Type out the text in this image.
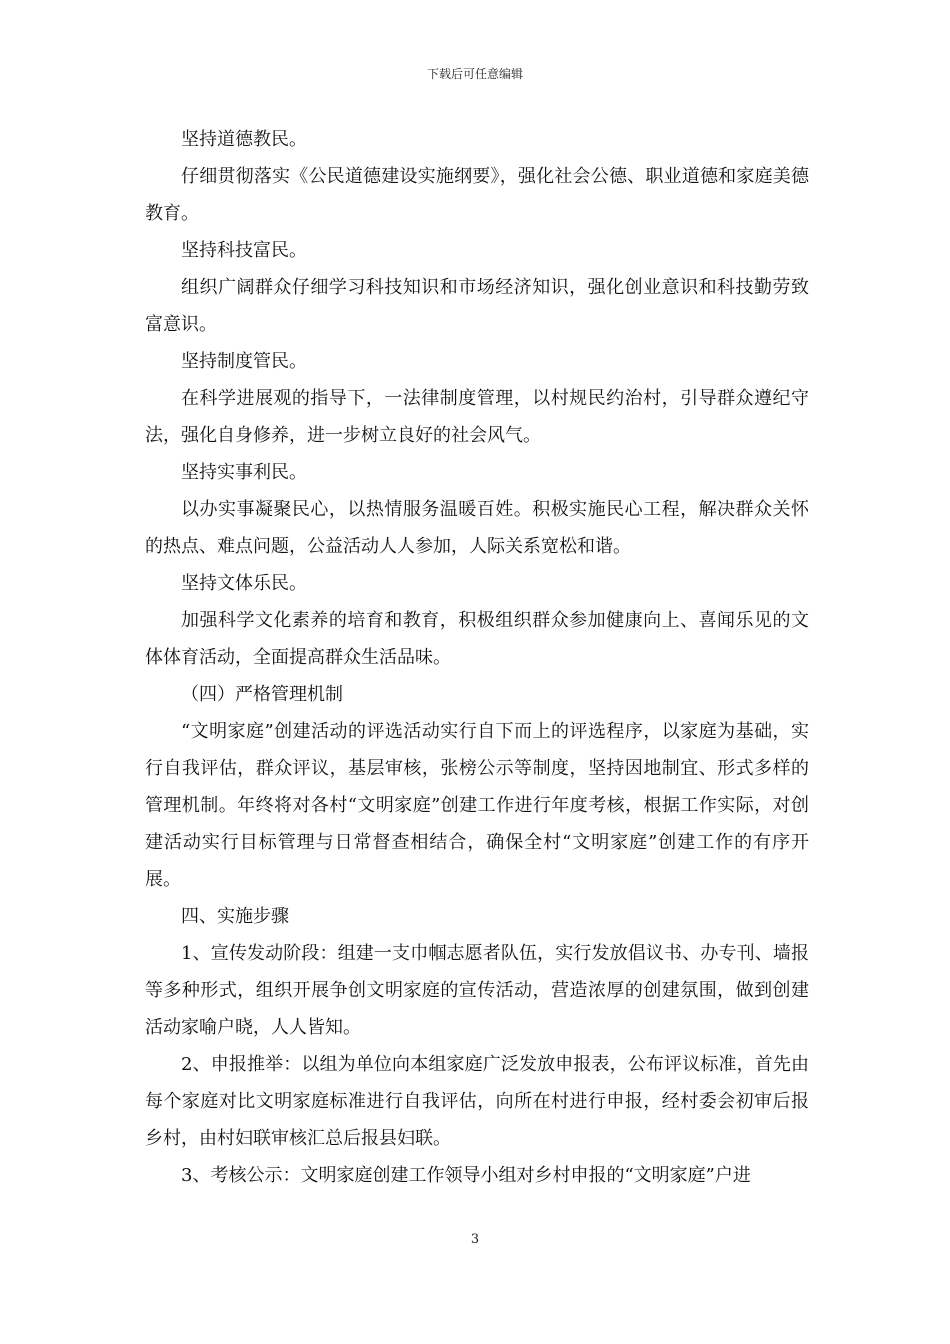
下载后可任意编辑

坚持道德教民。

仔细贯彻落实《公民道德建设实施纲要》，强化社会公德、职业道德和家庭美德教育。

坚持科技富民。

组织广阔群众仔细学习科技知识和市场经济知识，强化创业意识和科技勤劳致富意识。

坚持制度管民。

在科学进展观的指导下，一法律制度管理，以村规民约治村，引导群众遵纪守法，强化自身修养，进一步树立良好的社会风气。

坚持实事利民。

以办实事凝聚民心，以热情服务温暖百姓。积极实施民心工程，解决群众关怀的热点、难点问题，公益活动人人参加，人际关系宽松和谐。

坚持文体乐民。

加强科学文化素养的培育和教育，积极组织群众参加健康向上、喜闻乐见的文体体育活动，全面提高群众生活品味。

（四）严格管理机制

“文明家庭”创建活动的评选活动实行自下而上的评选程序，以家庭为基础，实行自我评估，群众评议，基层审核，张榜公示等制度，坚持因地制宜、形式多样的管理机制。年终将对各村“文明家庭”创建工作进行年度考核，根据工作实际，对创建活动实行目标管理与日常督查相结合，确保全村“文明家庭”创建工作的有序开展。

四、实施步骤

1、宣传发动阶段：组建一支巾帼志愿者队伍，实行发放倡议书、办专刊、墙报等多种形式，组织开展争创文明家庭的宣传活动，营造浓厚的创建氛围，做到创建活动家喻户晓，人人皆知。

2、申报推举：以组为单位向本组家庭广泛发放申报表，公布评议标准，首先由每个家庭对比文明家庭标准进行自我评估，向所在村进行申报，经村委会初审后报乡村，由村妇联审核汇总后报县妇联。

3、考核公示：文明家庭创建工作领导小组对乡村申报的“文明家庭”户进

3
